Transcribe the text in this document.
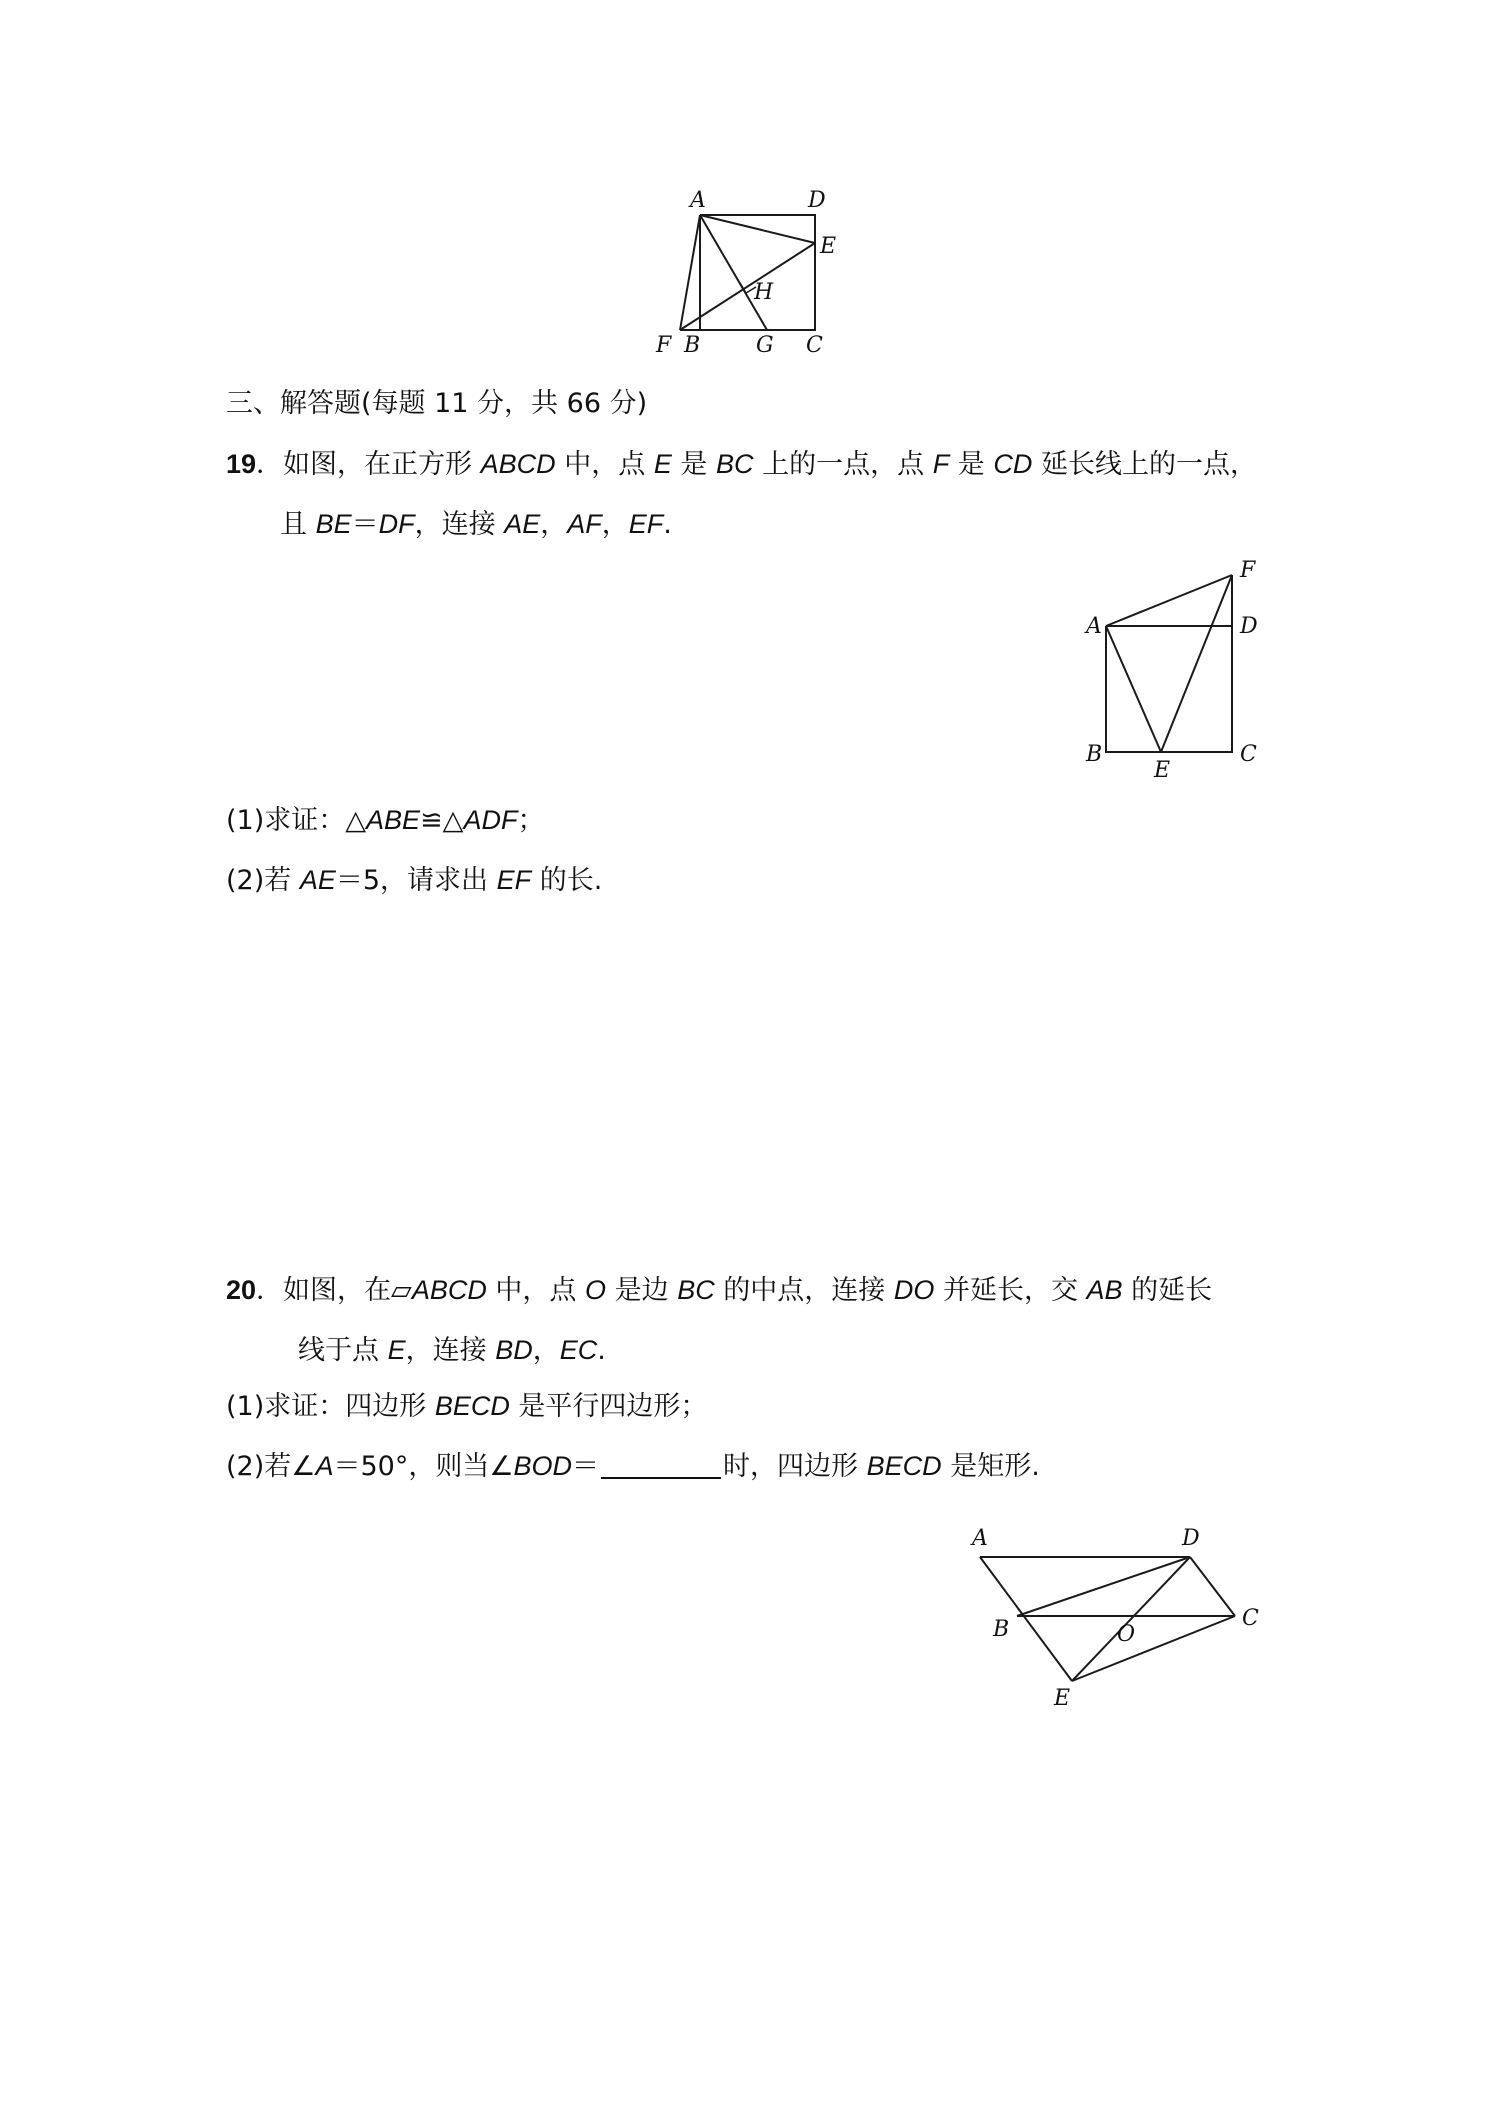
A	D
E
H
F B	G C
三、解答题(每题 11 分，共 66 分)
19．如图，在正方形 ABCD 中，点 E 是 BC 上的一点，点 F 是 CD 延长线上的一点，
且 BE＝DF，连接 AE，AF，EF.
F
A	D
B
E
C
(1)求证：△ABE≌△ADF；
(2)若 AE＝5，请求出 EF 的长.
20．如图，在▱ABCD 中，点 O 是边 BC 的中点，连接 DO 并延长，交 AB 的延长
线于点 E，连接 BD，EC.
(1)求证：四边形 BECD 是平行四边形；
(2)若∠A＝50°，则当∠BOD＝	时，四边形 BECD 是矩形.
A	D
B	O
C
E
